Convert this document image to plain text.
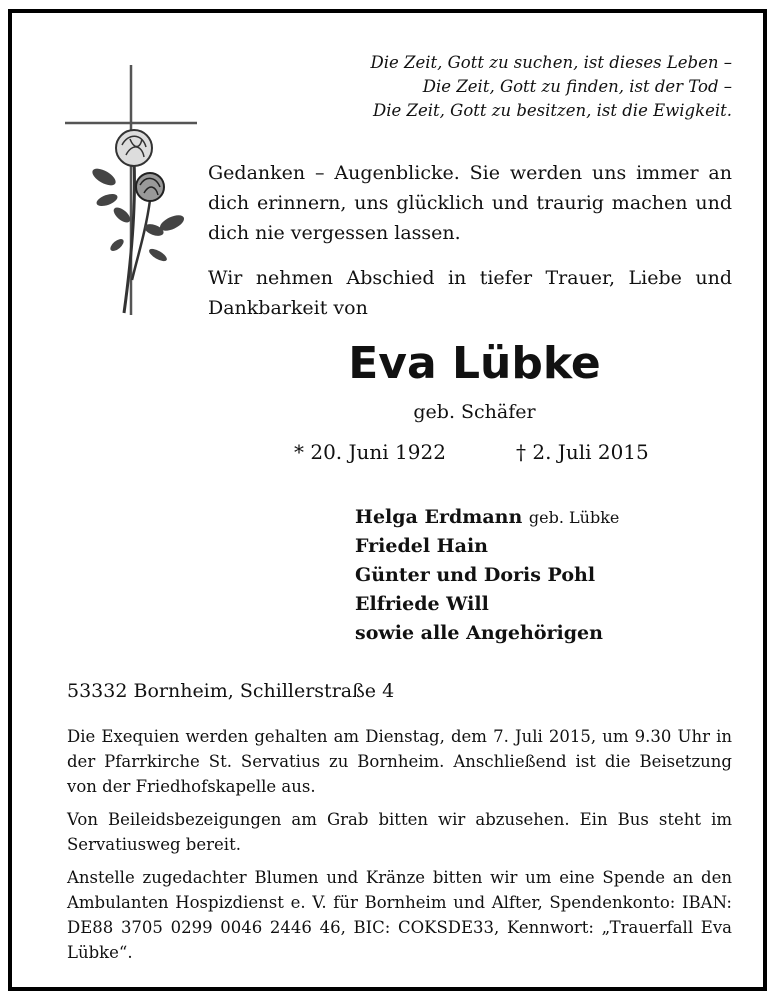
Die Zeit, Gott zu suchen, ist dieses Leben –
Die Zeit, Gott zu finden, ist der Tod –
Die Zeit, Gott zu besitzen, ist die Ewigkeit.
Gedanken – Augenblicke. Sie werden uns immer an dich erinnern, uns glücklich und traurig machen und dich nie vergessen lassen.
Wir nehmen Abschied in tiefer Trauer, Liebe und Dankbarkeit von
Eva Lübke
geb. Schäfer
* 20. Juni 1922	† 2. Juli 2015
Helga Erdmann geb. Lübke
Friedel Hain
Günter und Doris Pohl
Elfriede Will
sowie alle Angehörigen
53332 Bornheim, Schillerstraße 4
Die Exequien werden gehalten am Dienstag, dem 7. Juli 2015, um 9.30 Uhr in der Pfarrkirche St. Servatius zu Bornheim. Anschließend ist die Beisetzung von der Friedhofskapelle aus.
Von Beileidsbezeigungen am Grab bitten wir abzusehen. Ein Bus steht im Servatiusweg bereit.
Anstelle zugedachter Blumen und Kränze bitten wir um eine Spende an den Ambulanten Hospizdienst e. V. für Bornheim und Alfter, Spendenkonto: IBAN: DE88 3705 0299 0046 2446 46, BIC: COKSDE33, Kennwort: „Trauerfall Eva Lübke“.
